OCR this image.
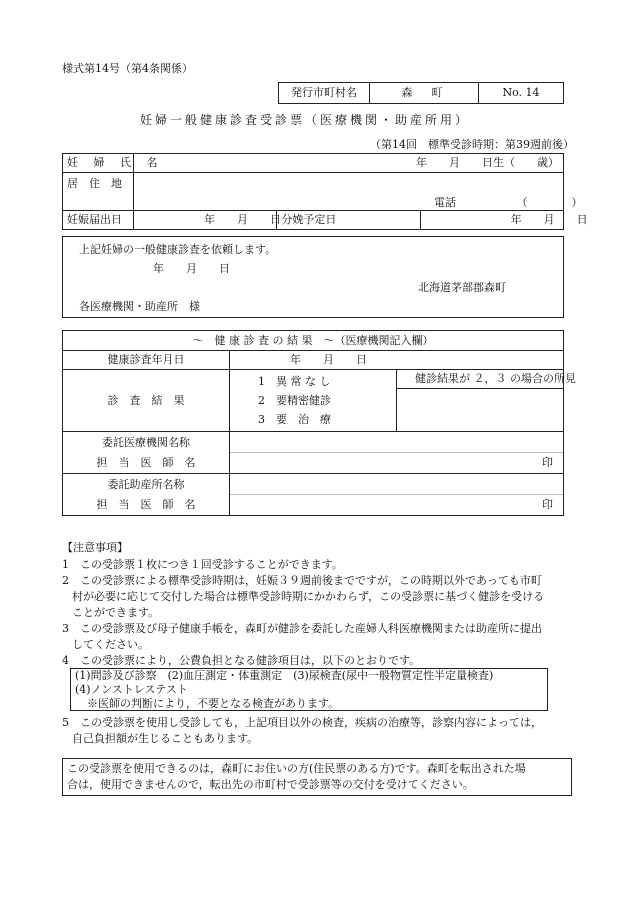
様式第14号（第4条関係）
発行市町村名	森　町	No. 14
妊婦一般健康診査受診票（医療機関・助産所用）
（第14回　標準受診時期：第39週前後）
妊 婦 氏 名	年　　月　　日生（　　歳）		
居　住　地	電話　　　　　　（　　　　）		
妊娠届出日	年　　月　　日	分娩予定日	年　　月　　日
上記妊婦の一般健康診査を依頼します。
年　　月　　日
北海道茅部郡森町
各医療機関・助産所　様
～　健 康 診 査 の 結 果　～（医療機関記入欄）		
健康診査年月日	年　　月　　日	
診　査　結　果	1　異 常 な し
2　要精密健診
3　要　治　療	健診結果が ２，３ の場合の所見

委託医療機関名称
担　当　医　師　名	印	

委託助産所名称
担　当　医　師　名	印	
【注意事項】
1　この受診票１枚につき１回受診することができます。
2　この受診票による標準受診時期は，妊娠３９週前後までですが，この時期以外であっても市町
村が必要に応じて交付した場合は標準受診時期にかかわらず，この受診票に基づく健診を受ける
ことができます。
3　この受診票及び母子健康手帳を，森町が健診を委託した産婦人科医療機関または助産所に提出
してください。
4　この受診票により，公費負担となる健診項目は，以下のとおりです。
(1)問診及び診察　(2)血圧測定・体重測定　(3)尿検査(尿中一般物質定性半定量検査)
(4)ノンストレステスト
※医師の判断により，不要となる検査があります。
5　この受診票を使用し受診しても，上記項目以外の検査，疾病の治療等，診察内容によっては，
自己負担額が生じることもあります。
この受診票を使用できるのは，森町にお住いの方(住民票のある方)です。森町を転出された場
合は，使用できませんので，転出先の市町村で受診票等の交付を受けてください。
